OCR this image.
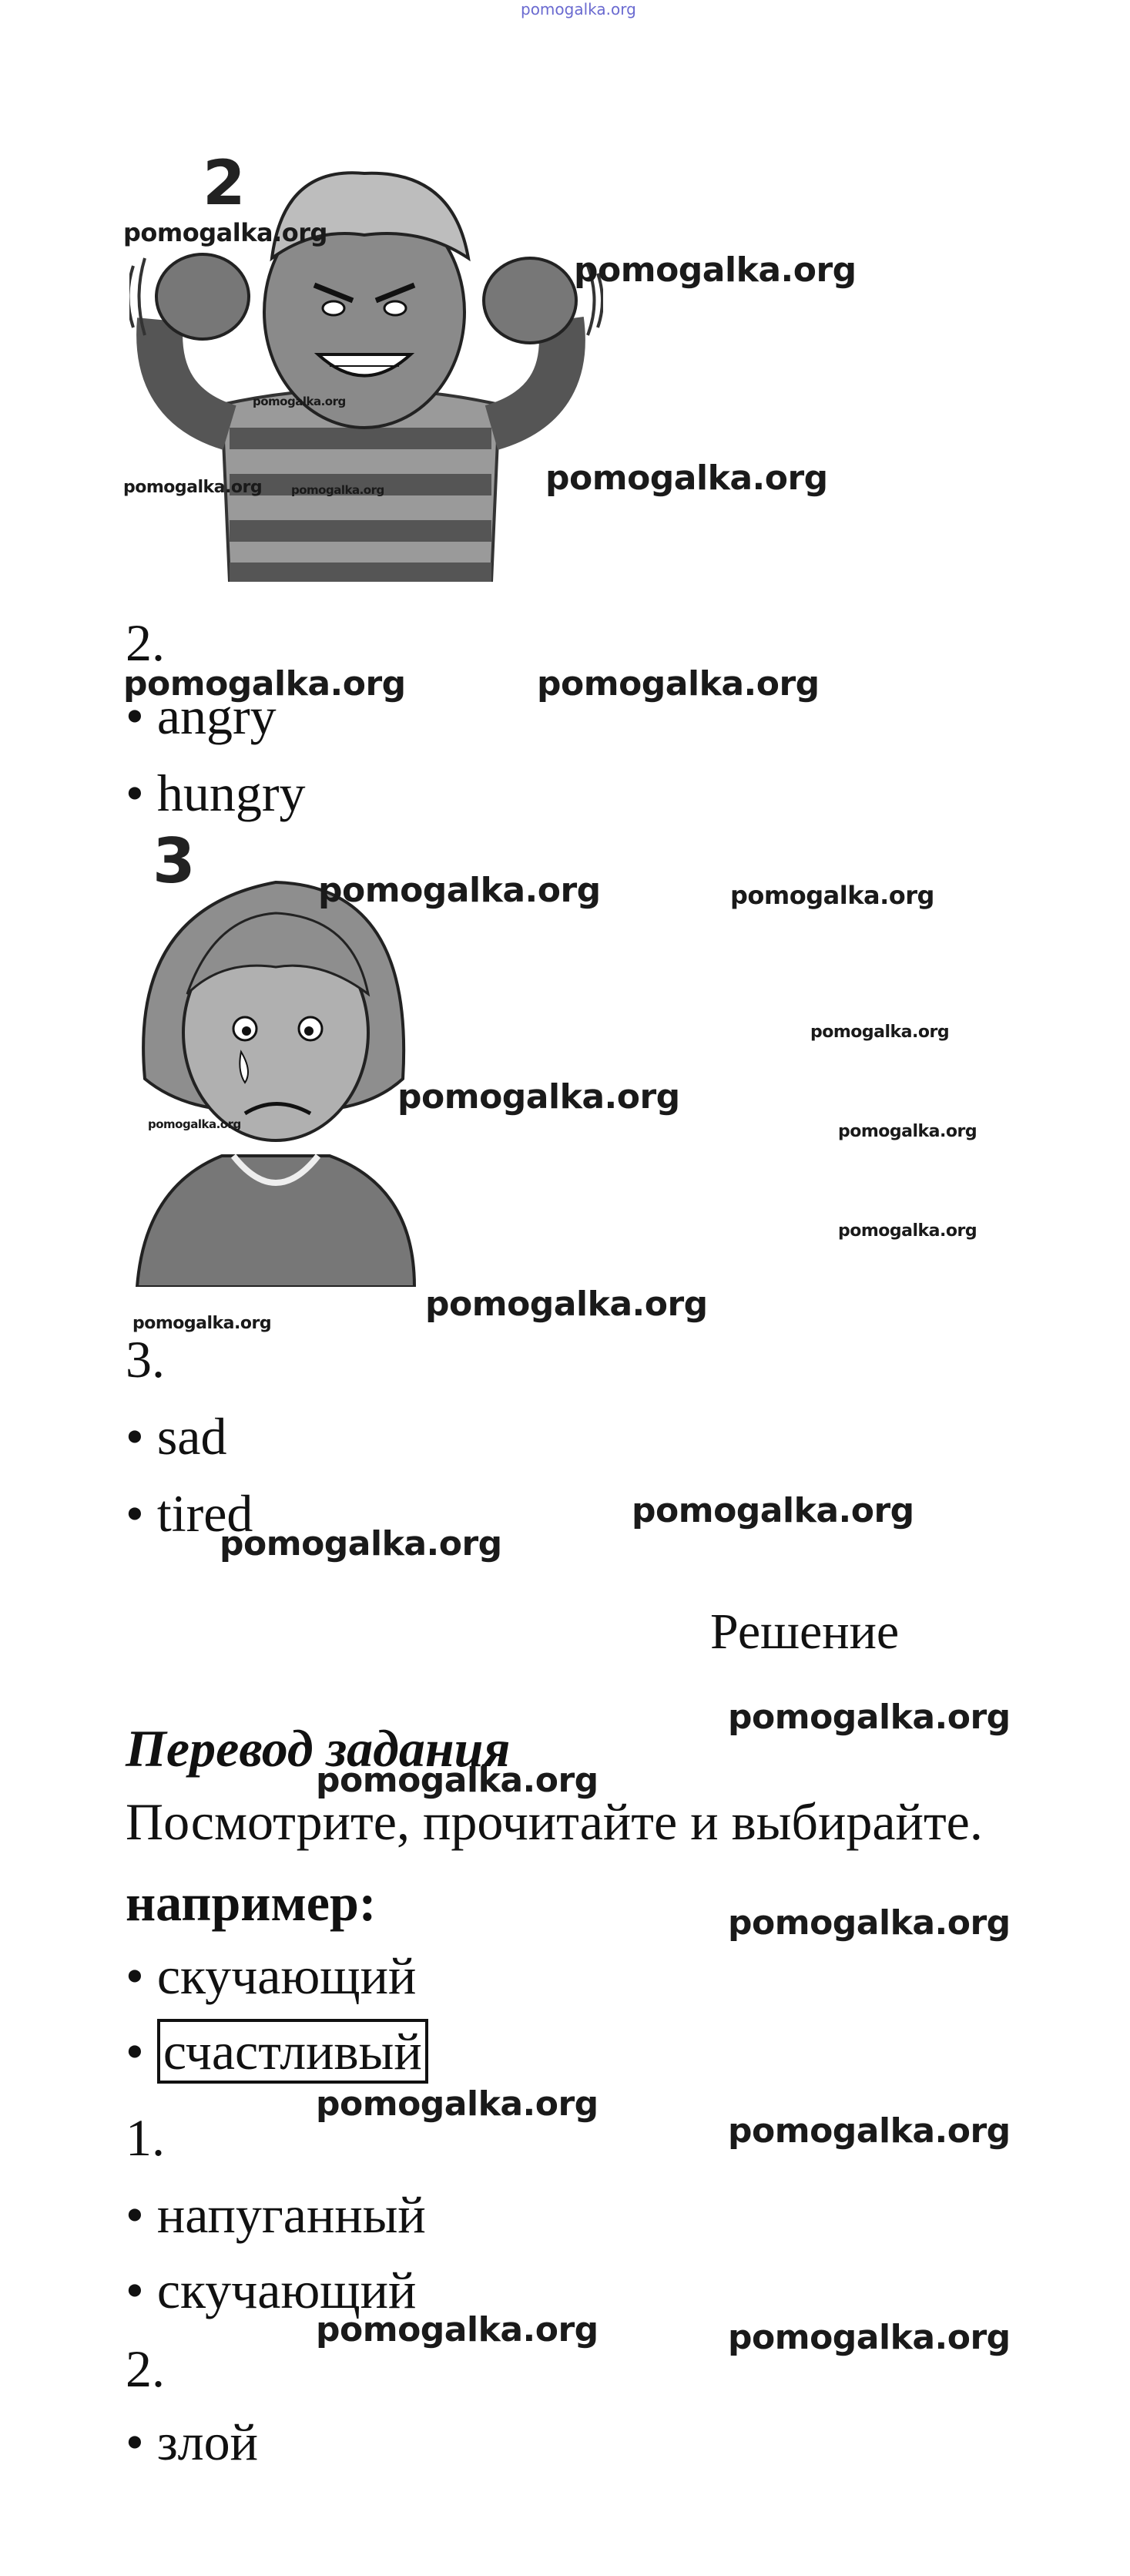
pomogalka.org
2
3
2.
• angry
• hungry
3.
• sad
• tired
Решение
Перевод задания
Посмотрите, прочитайте и выбирайте.
например:
• скучающий
• счастливый
1.
• напуганный
• скучающий
2.
• злой
pomogalka.org
pomogalka.org
pomogalka.org
pomogalka.org	pomogalka.org	pomogalka.org
pomogalka.org	pomogalka.org
pomogalka.org	pomogalka.org
pomogalka.org
pomogalka.org
pomogalka.org	pomogalka.org
pomogalka.org
pomogalka.org
pomogalka.org
pomogalka.org
pomogalka.org
pomogalka.org
pomogalka.org
pomogalka.org
pomogalka.org
pomogalka.org
pomogalka.org	pomogalka.org
